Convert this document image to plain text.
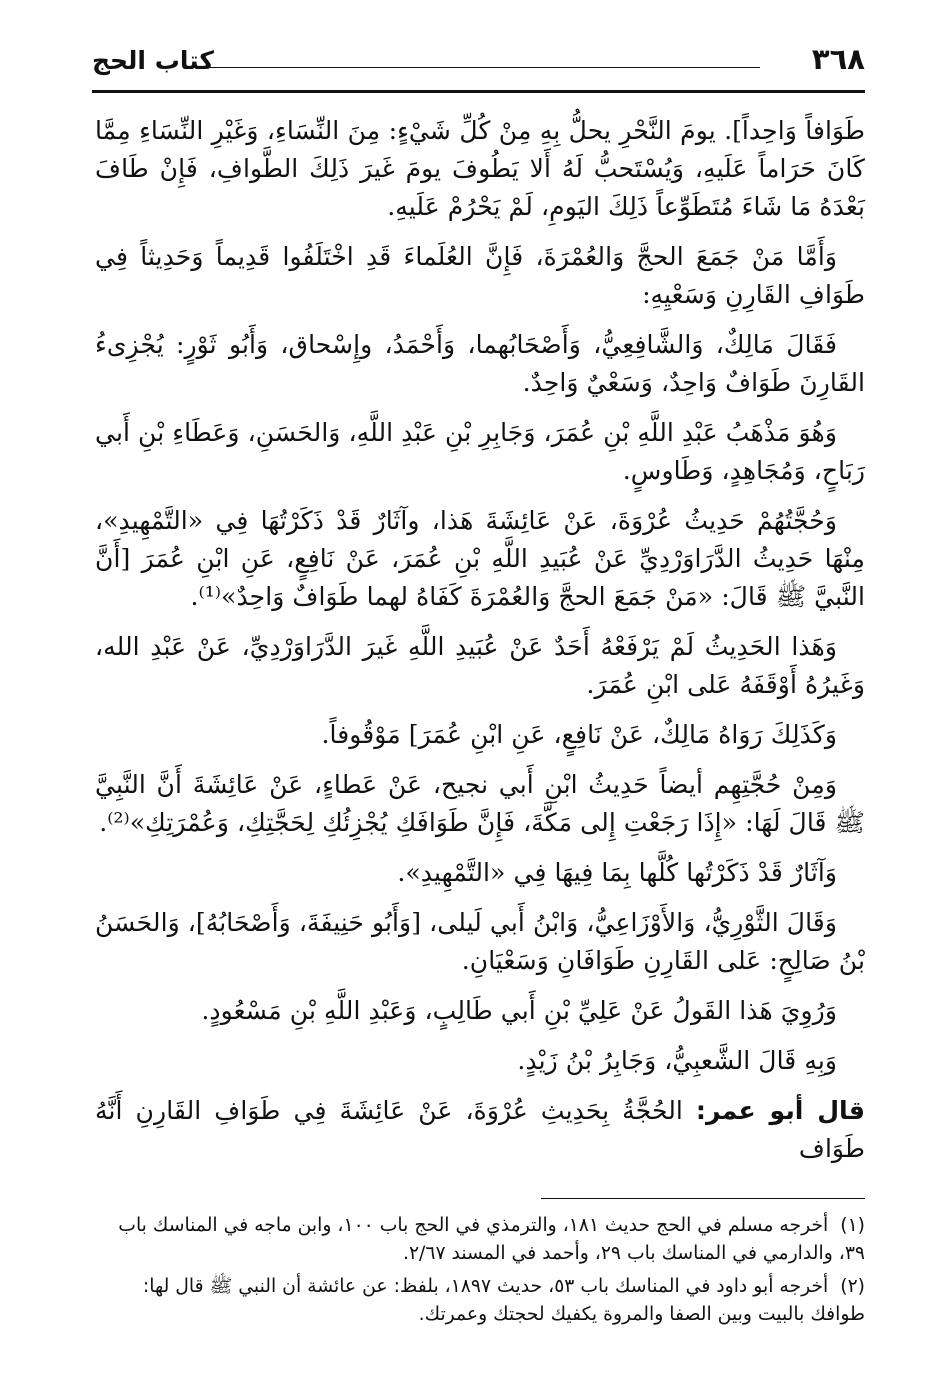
٣٦٨
كتاب الحج

طَوَافاً وَاحِداً]. يومَ النَّحْرِ يحلُّ بِهِ مِنْ كُلِّ شَيْءٍ: مِنَ النِّسَاءِ، وَغَيْرِ النِّسَاءِ مِمَّا كَانَ حَرَاماً عَلَيهِ، وَيُسْتَحبُّ لَهُ أَلا يَطُوفَ يومَ غَيرَ ذَلِكَ الطَّوافِ، فَإِنْ طَافَ بَعْدَهُ مَا شَاءَ مُتَطَوِّعاً ذَلِكَ اليَومِ، لَمْ يَحْرُمْ عَلَيهِ.

وَأَمَّا مَنْ جَمَعَ الحجَّ وَالعُمْرَةَ، فَإِنَّ العُلَماءَ قَدِ اخْتَلَفُوا قَدِيماً وَحَدِيثاً فِي طَوَافِ القَارِنِ وَسَعْيِهِ:

فَقَالَ مَالِكٌ، وَالشَّافِعِيُّ، وَأَصْحَابُهما، وَأَحْمَدُ، وإِسْحاق، وَأَبُو ثَوْرٍ: يُجْزِىءُ القَارِنَ طَوَافٌ وَاحِدٌ، وَسَعْيٌ وَاحِدٌ.

وَهُوَ مَذْهَبُ عَبْدِ اللَّهِ بْنِ عُمَرَ، وَجَابِرِ بْنِ عَبْدِ اللَّهِ، وَالحَسَنِ، وَعَطَاءِ بْنِ أَبي رَبَاحٍ، وَمُجَاهِدٍ، وَطَاوسٍ.

وَحُجَّتُهُمْ حَدِيثُ عُرْوَةَ، عَنْ عَائِشَةَ هَذا، وآثَارٌ قَدْ ذَكَرْتُهَا فِي «التَّمْهِيدِ»، مِنْهَا حَدِيثُ الدَّرَاوَرْدِيِّ عَنْ عُبَيدِ اللَّهِ بْنِ عُمَرَ، عَنْ نَافِعٍ، عَنِ ابْنِ عُمَرَ [أَنَّ النَّبيَّ ﷺ قَالَ: «مَنْ جَمَعَ الحجَّ وَالعُمْرَةَ كَفَاهُ لهما طَوَافٌ وَاحِدٌ»⁽¹⁾.

وَهَذا الحَدِيثُ لَمْ يَرْفَعْهُ أَحَدٌ عَنْ عُبَيدِ اللَّهِ غَيرَ الدَّرَاوَرْدِيِّ، عَنْ عَبْدِ الله، وَغَيرُهُ أَوْقَفَهُ عَلى ابْنِ عُمَرَ.

وَكَذَلِكَ رَوَاهُ مَالِكٌ، عَنْ نَافِعٍ، عَنِ ابْنِ عُمَرَ] مَوْقُوفاً.

وَمِنْ حُجَّتِهِم أيضاً حَدِيثُ ابْنِ أَبي نجيح، عَنْ عَطاءٍ، عَنْ عَائِشَةَ أَنَّ النَّبِيَّ ﷺ قَالَ لَهَا: «إِذَا رَجَعْتِ إِلى مَكَّةَ، فَإِنَّ طَوَافَكِ يُجْزِئُكِ لِحَجَّتِكِ، وَعُمْرَتِكِ»⁽²⁾.

وَآثَارٌ قَدْ ذَكَرْتُها كُلَّها بِمَا فِيهَا فِي «التَّمْهِيدِ».

وَقَالَ الثَّوْرِيُّ، وَالأَوْزَاعِيُّ، وَابْنُ أَبي لَيلى، [وَأَبُو حَنِيفَةَ، وَأَصْحَابُهُ]، وَالحَسَنُ بْنُ صَالِحٍ: عَلى القَارِنِ طَوَافَانِ وَسَعْيَانِ.

وَرُوِيَ هَذا القَولُ عَنْ عَلِيِّ بْنِ أَبي طَالِبٍ، وَعَبْدِ اللَّهِ بْنِ مَسْعُودٍ.

وَبِهِ قَالَ الشَّعبِيُّ، وَجَابِرُ بْنُ زَيْدٍ.

قال أبو عمر: الحُجَّةُ بِحَدِيثِ عُرْوَةَ، عَنْ عَائِشَةَ فِي طَوَافِ القَارِنِ أَنَّهُ طَوَاف

(١) أخرجه مسلم في الحج حديث ١٨١، والترمذي في الحج باب ١٠٠، وابن ماجه في المناسك باب ٣٩، والدارمي في المناسك باب ٢٩، وأحمد في المسند ٢/٦٧.
(٢) أخرجه أبو داود في المناسك باب ٥٣، حديث ١٨٩٧، بلفظ: عن عائشة أن النبي ﷺ قال لها: طوافك بالبيت وبين الصفا والمروة يكفيك لحجتك وعمرتك.
